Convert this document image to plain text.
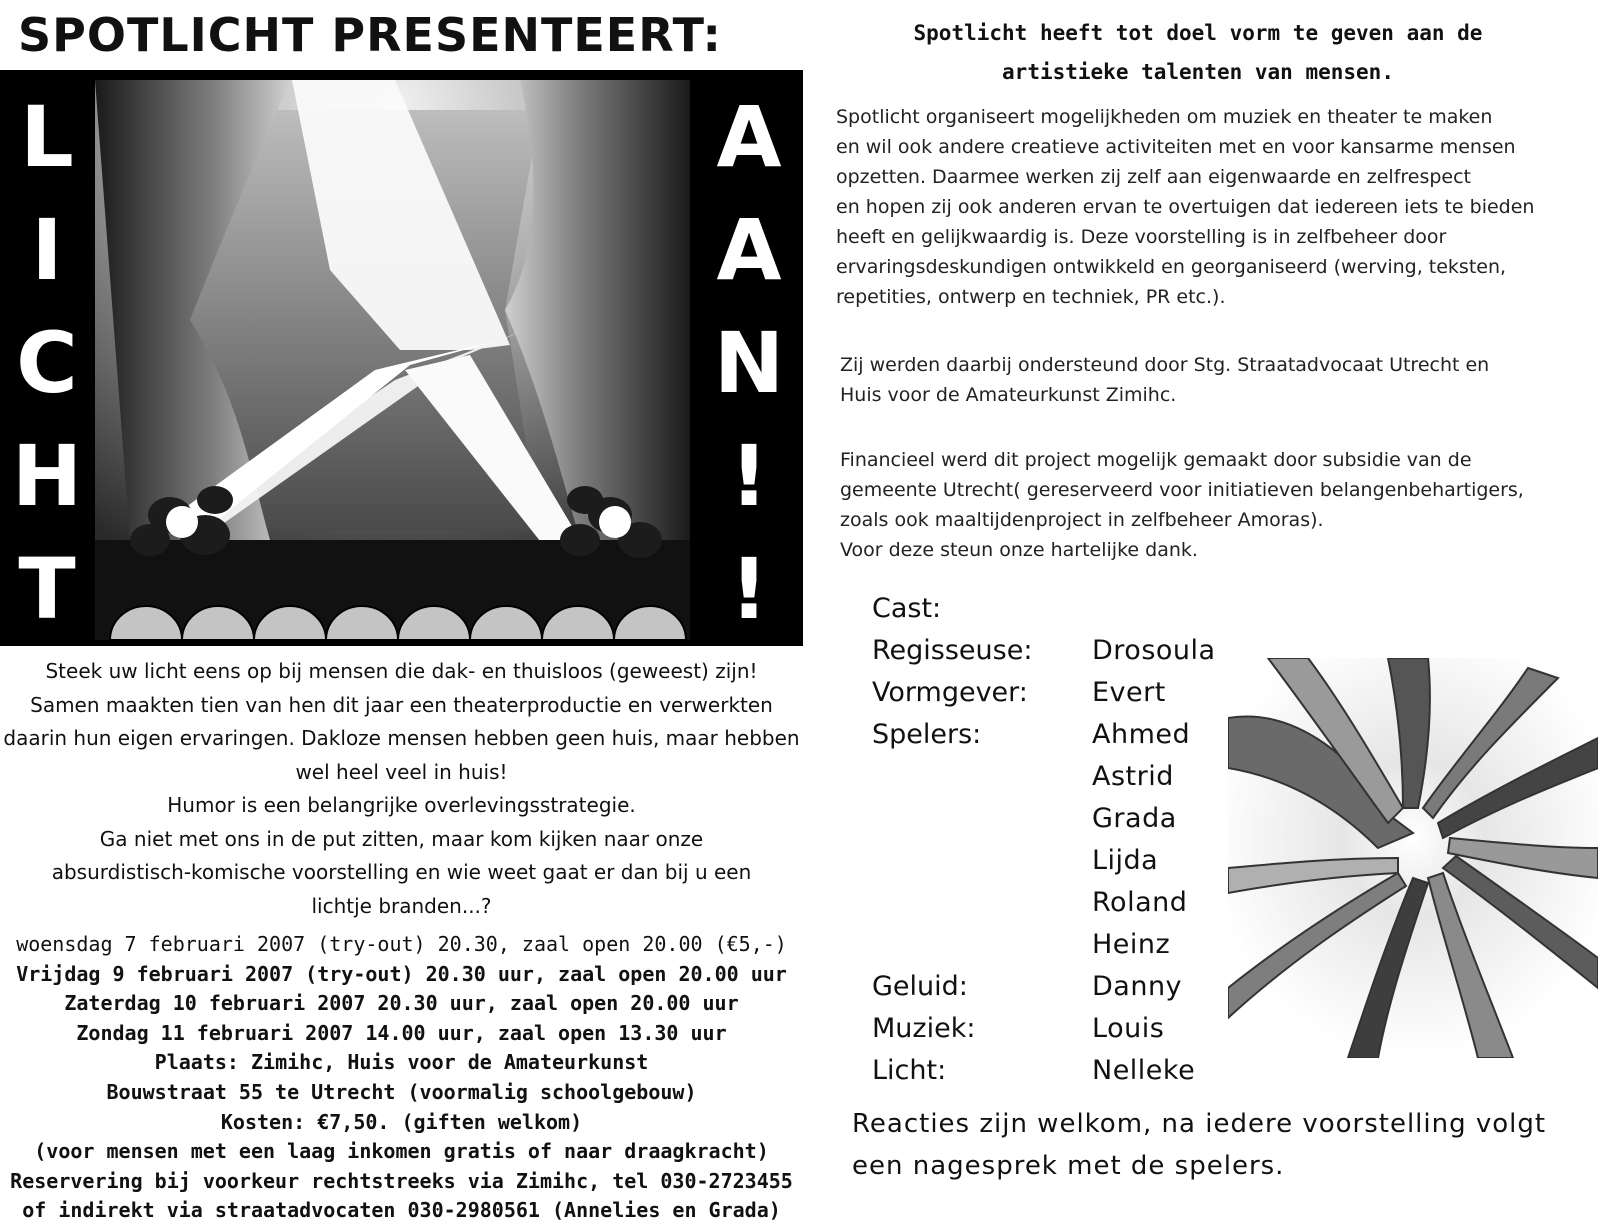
SPOTLICHT PRESENTEERT:
L
I
C
H
T
A
A
N
!
!
Steek uw licht eens op bij mensen die dak- en thuisloos (geweest) zijn!
Samen maakten tien van hen dit jaar een theaterproductie en verwerkten
daarin hun eigen ervaringen. Dakloze mensen hebben geen huis, maar hebben
wel heel veel in huis!
Humor is een belangrijke overlevingsstrategie.
Ga niet met ons in de put zitten, maar kom kijken naar onze
absurdistisch-komische voorstelling en wie weet gaat er dan bij u een
lichtje branden...?
woensdag 7 februari 2007 (try-out) 20.30, zaal open 20.00 (€5,-)
Vrijdag 9 februari 2007 (try-out) 20.30 uur, zaal open 20.00 uur
Zaterdag 10 februari 2007 20.30 uur, zaal open 20.00 uur
Zondag 11 februari 2007 14.00 uur, zaal open 13.30 uur
Plaats: Zimihc, Huis voor de Amateurkunst
Bouwstraat 55 te Utrecht (voormalig schoolgebouw)
Kosten: €7,50. (giften welkom)
(voor mensen met een laag inkomen gratis of naar draagkracht)
Reservering bij voorkeur rechtstreeks via Zimihc, tel 030-2723455
of indirekt via straatadvocaten 030-2980561 (Annelies en Grada)
Spotlicht heeft tot doel vorm te geven aan de
artistieke talenten van mensen.
Spotlicht organiseert mogelijkheden om muziek en theater te maken
en wil ook andere creatieve activiteiten met en voor kansarme mensen
opzetten. Daarmee werken zij zelf aan eigenwaarde en zelfrespect
en hopen zij ook anderen ervan te overtuigen dat iedereen iets te bieden
heeft en gelijkwaardig is. Deze voorstelling is in zelfbeheer door
ervaringsdeskundigen ontwikkeld en georganiseerd (werving, teksten,
repetities, ontwerp en techniek, PR etc.).
Zij werden daarbij ondersteund door Stg. Straatadvocaat Utrecht en
Huis voor de Amateurkunst Zimihc.
Financieel werd dit project mogelijk gemaakt door subsidie van de
gemeente Utrecht( gereserveerd voor initiatieven belangenbehartigers,
zoals ook maaltijdenproject in zelfbeheer Amoras).
Voor deze steun onze hartelijke dank.
Cast:
Regisseuse:	Drosoula
Vormgever:	Evert
Spelers:	Ahmed
Astrid
Grada
Lijda
Roland
Heinz
Geluid:	Danny
Muziek:	Louis
Licht:	Nelleke
Reacties zijn welkom, na iedere voorstelling volgt
een nagesprek met de spelers.
